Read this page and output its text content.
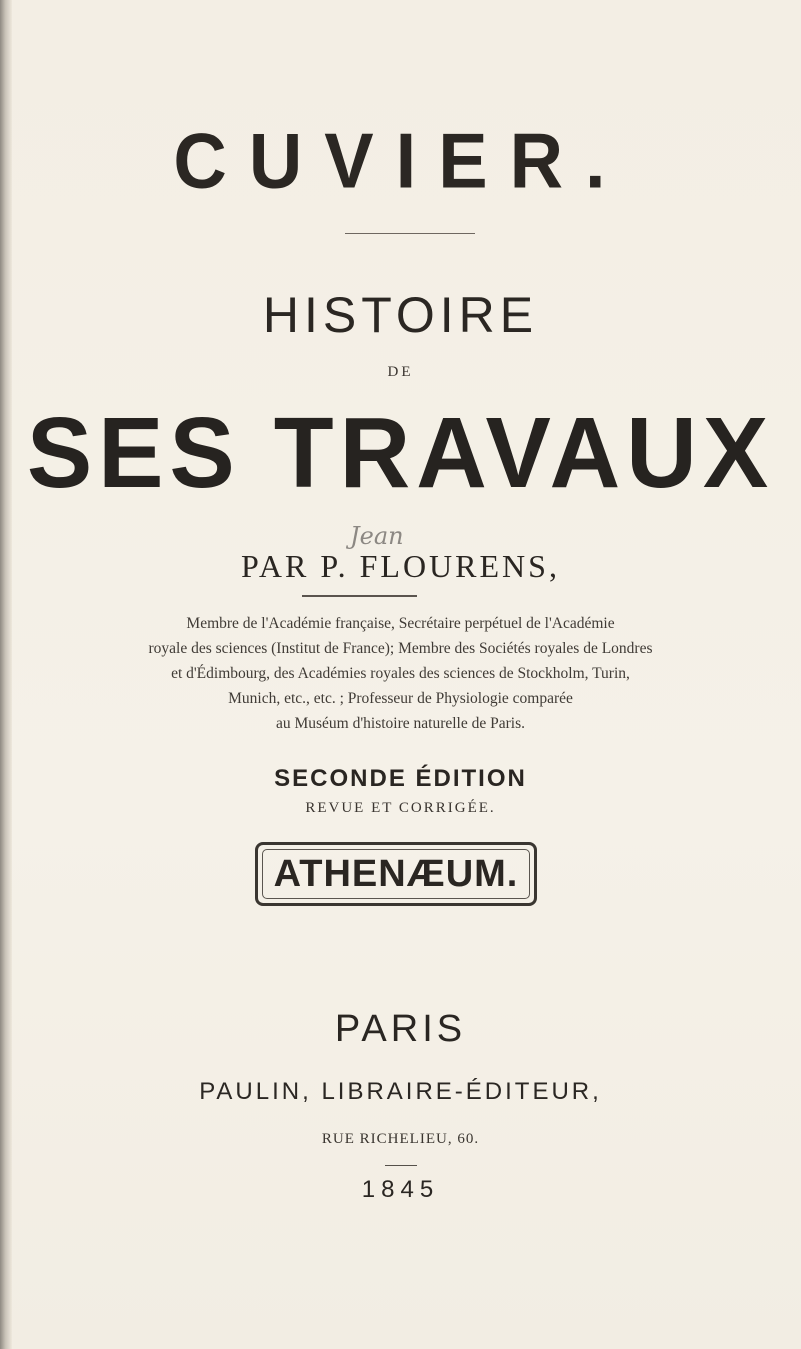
CUVIER.
HISTOIRE
DE
SES TRAVAUX
Jean
PAR P. FLOURENS,
Membre de l'Académie française, Secrétaire perpétuel de l'Académie
royale des sciences (Institut de France); Membre des Sociétés royales de Londres
et d'Édimbourg, des Académies royales des sciences de Stockholm, Turin,
Munich, etc., etc. ; Professeur de Physiologie comparée
au Muséum d'histoire naturelle de Paris.
SECONDE ÉDITION
REVUE ET CORRIGÉE.
ATHENÆUM.
PARIS
PAULIN, LIBRAIRE-ÉDITEUR,
RUE RICHELIEU, 60.
1845
